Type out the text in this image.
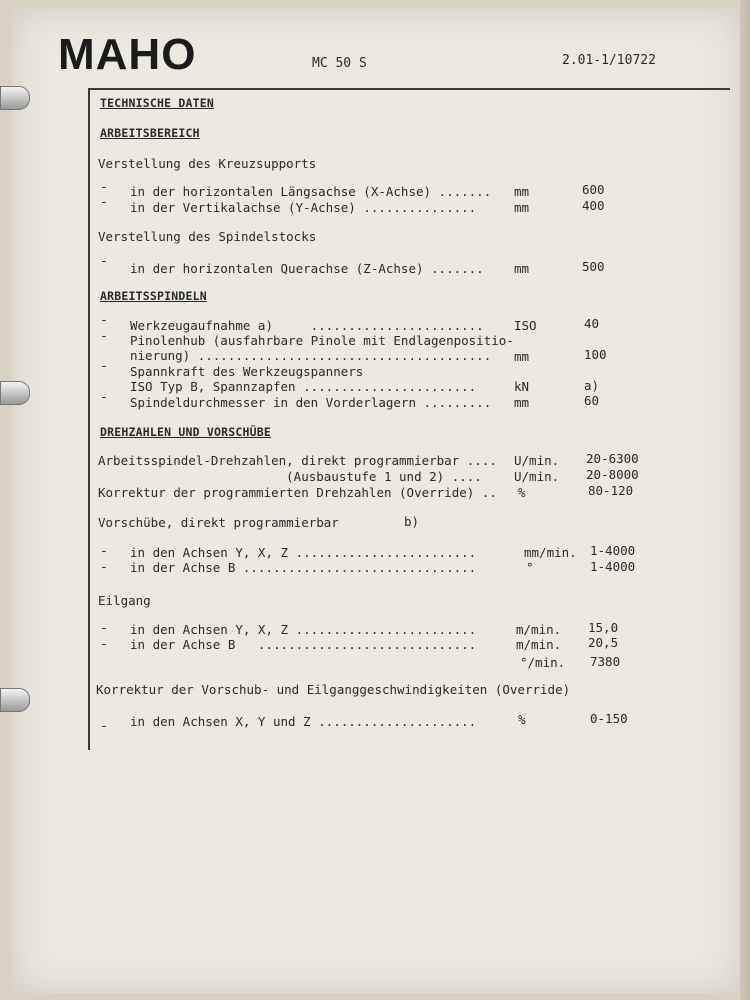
MAHO	MC 50 S	2.01-1/10722
TECHNISCHE DATEN
ARBEITSBEREICH
Verstellung des Kreuzsupports
- in der horizontalen Längsachse (X-Achse) ....... mm	600
- in der Vertikalachse (Y-Achse) ...............	mm	400
Verstellung des Spindelstocks
- in der horizontalen Querachse (Z-Achse) ....... mm	500
ARBEITSSPINDELN
- Werkzeugaufnahme a)     ....................... ISO	40
- Pinolenhub (ausfahrbare Pinole mit Endlagenpositio-
nierung) ....................................... mm	100
- Spannkraft des Werkzeugspanners
ISO Typ B, Spannzapfen .......................	kN	a)
- Spindeldurchmesser in den Vorderlagern ......... mm	60
DREHZAHLEN UND VORSCHÜBE
Arbeitsspindel-Drehzahlen, direkt programmierbar .... U/min. 20-6300
(Ausbaustufe 1 und 2) ....	U/min. 20-8000
Korrektur der programmierten Drehzahlen (Override) .. %	80-120
Vorschübe, direkt programmierbar	b)
- in den Achsen Y, X, Z ........................	mm/min. 1-4000
- in der Achse B ...............................	°	1-4000
Eilgang
- in den Achsen Y, X, Z ........................	m/min. 15,0
- in der Achse B   .............................	m/min. 20,5
°/min. 7380
Korrektur der Vorschub- und Eilganggeschwindigkeiten (Override)
- in den Achsen X, Y und Z .....................	%	0-150
